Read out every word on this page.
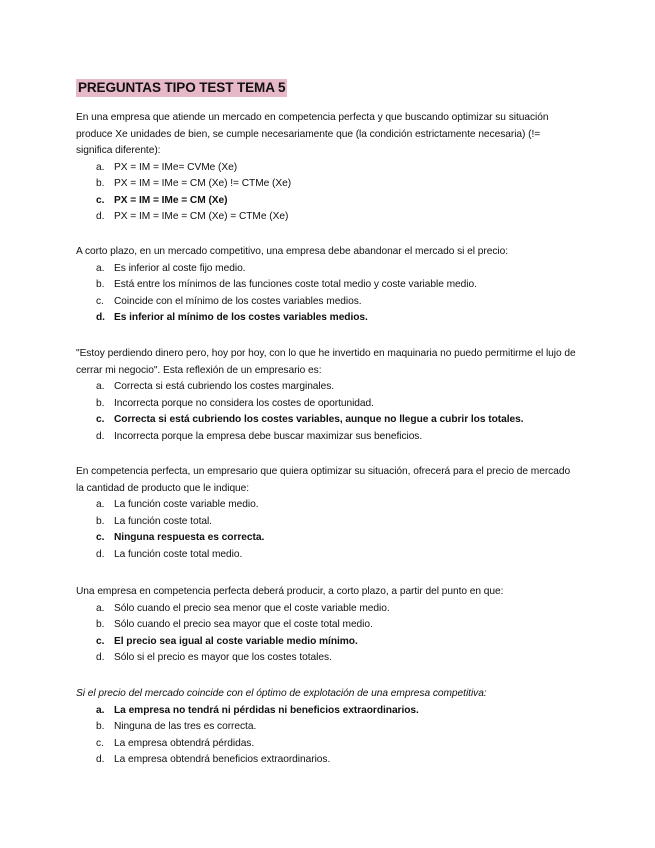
PREGUNTAS TIPO TEST TEMA 5

En una empresa que atiende un mercado en competencia perfecta y que buscando optimizar su situación produce Xe unidades de bien, se cumple necesariamente que (la condición estrictamente necesaria) (!= significa diferente):

a. PX = IM = IMe= CVMe (Xe)
b. PX = IM = IMe = CM (Xe) != CTMe (Xe)
c. PX = IM = IMe = CM (Xe)
d. PX = IM = IMe = CM (Xe) = CTMe (Xe)

A corto plazo, en un mercado competitivo, una empresa debe abandonar el mercado si el precio:

a. Es inferior al coste fijo medio.
b. Está entre los mínimos de las funciones coste total medio y coste variable medio.
c. Coincide con el mínimo de los costes variables medios.
d. Es inferior al mínimo de los costes variables medios.

"Estoy perdiendo dinero pero, hoy por hoy, con lo que he invertido en maquinaria no puedo permitirme el lujo de cerrar mi negocio". Esta reflexión de un empresario es:

a. Correcta si está cubriendo los costes marginales.
b. Incorrecta porque no considera los costes de oportunidad.
c. Correcta si está cubriendo los costes variables, aunque no llegue a cubrir los totales.
d. Incorrecta porque la empresa debe buscar maximizar sus beneficios.

En competencia perfecta, un empresario que quiera optimizar su situación, ofrecerá para el precio de mercado la cantidad de producto que le indique:

a. La función coste variable medio.
b. La función coste total.
c. Ninguna respuesta es correcta.
d. La función coste total medio.

Una empresa en competencia perfecta deberá producir, a corto plazo, a partir del punto en que:

a. Sólo cuando el precio sea menor que el coste variable medio.
b. Sólo cuando el precio sea mayor que el coste total medio.
c. El precio sea igual al coste variable medio mínimo.
d. Sólo si el precio es mayor que los costes totales.

Si el precio del mercado coincide con el óptimo de explotación de una empresa competitiva:

a. La empresa no tendrá ni pérdidas ni beneficios extraordinarios.
b. Ninguna de las tres es correcta.
c. La empresa obtendrá pérdidas.
d. La empresa obtendrá beneficios extraordinarios.
